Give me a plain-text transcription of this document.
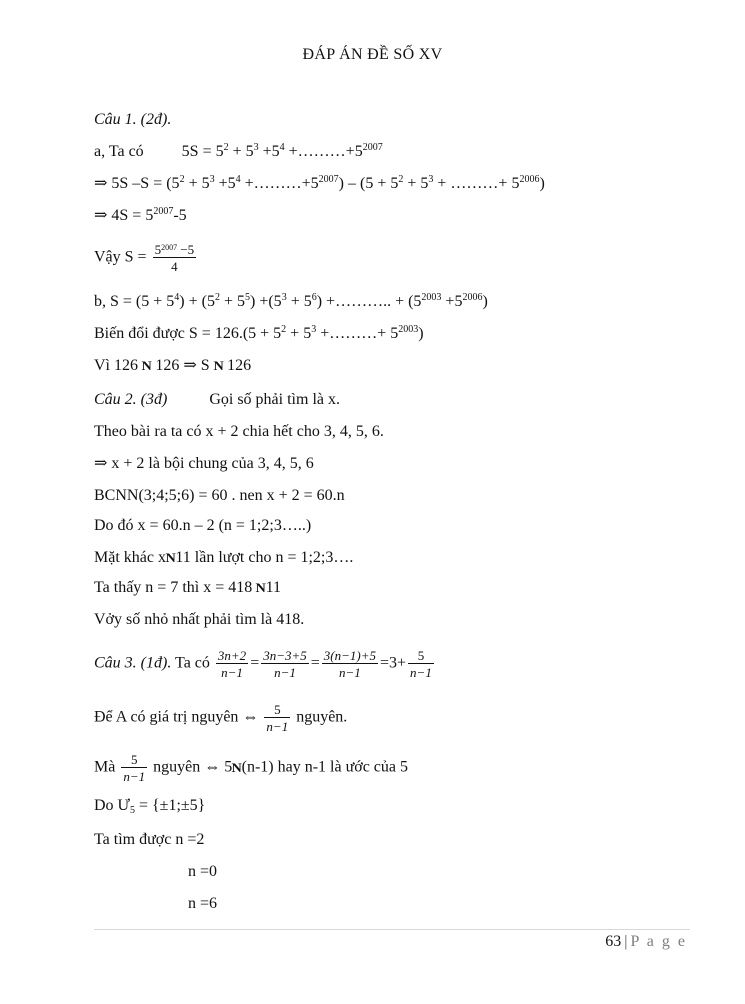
ĐÁP ÁN ĐỀ SỐ XV
Câu 1. (2đ).
a, Ta có $5S = 5^2 + 5^3 +5^4$ $+\dots\dots\dots+5^{2007}$
⇒ 5S $-S = (5^2 + 5^3 +5^4$ $+\dots\dots\dots+5^{2007}) - (5 + 5^2 + 5^3$ + ………+ $5^{2006}$)
⇒ $4S = 5^{2007}-5$
Vậy $S = \frac{5^{2007} -5}{4}$
b, $S = (5 + 5^4) + (5^2 + 5^5) +(5^3 + 5^6)$ +……….. + $(5^{2003} +5^{2006})$
Biến đổi được $S = 126.(5 + 5^2 + 5^3$ +………+ $5^{2003}$)
Vì 126 N 126 ⇒ S N 126
Câu 2. (3đ)	Gọi số phải tìm là x.
Theo bài ra ta có x + 2 chia hết cho 3, 4, 5, 6.
⇒ x + 2 là bội chung của 3, 4, 5, 6
BCNN(3;4;5;6) = 60 . nen x + 2 = 60.n
Do đó x = 60.n – 2 (n = 1;2;3…..)
Mặt khác xN11 lần lượt cho n = 1;2;3….
Ta thấy n = 7 thì x = 418 N11
Vởy số nhỏ nhất phải tìm là 418.
Câu 3. (1đ). Ta có $\frac{3n+2}{n-1} = \frac{3n-3+5}{n-1} = \frac{3(n-1)+5}{n-1} =3+ \frac{5}{n-1}$
Để A có giá trị nguyên ⇔ $\frac{5}{n-1}$ nguyên.
Mà $\frac{5}{n-1}$ nguyên ⇔ 5N(n-1) hay n-1 là ước của 5
Do $Ư_5$ = {±1;±5}
Ta tìm được n =2
n =0
n =6
63 | P a g e
